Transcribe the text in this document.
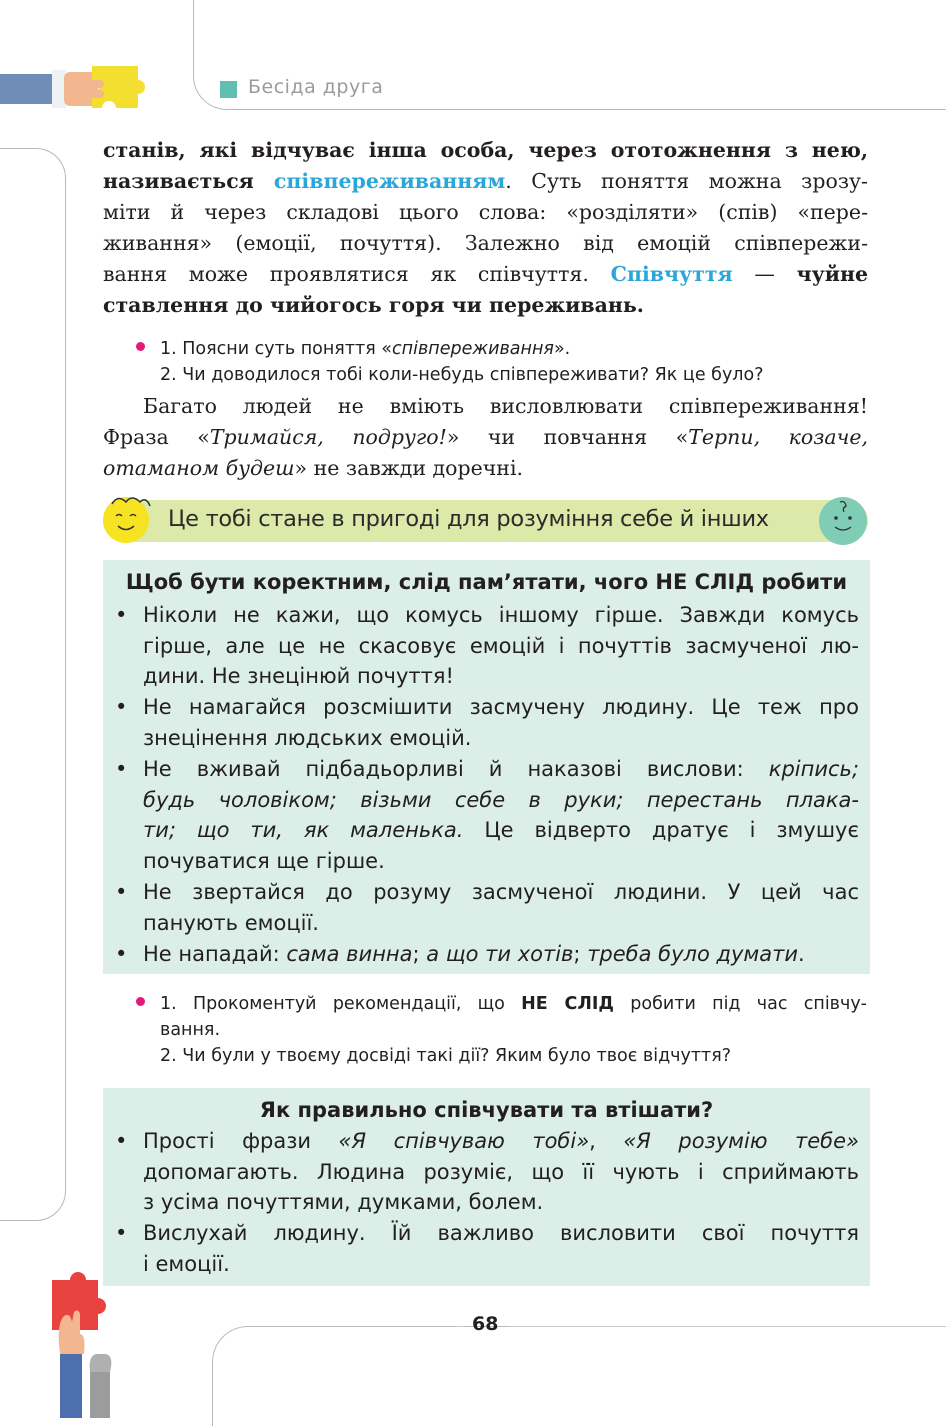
Бесіда друга
станів, які відчуває інша особа, через ототожнення з нею,
називається співпереживанням. Суть поняття можна зрозу-
міти й через складові цього слова: «розділяти» (спів) «пере-
живання» (емоції, почуття). Залежно від емоцій співпережи-
вання може проявлятися як співчуття. Співчуття — чуйне
ставлення до чийогось горя чи переживань.
1. Поясни суть поняття «співпереживання».
2. Чи доводилося тобі коли-небудь співпереживати? Як це було?
Багато людей не вміють висловлювати співпереживання!
Фраза «Тримайся, подруго!» чи повчання «Терпи, козаче,
отаманом будеш» не завжди доречні.
Це тобі стане в пригоді для розуміння себе й інших
Щоб бути коректним, слід пам’ятати, чого НЕ СЛІД робити
• Ніколи не кажи, що комусь іншому гірше. Завжди комусь
гірше, але це не скасовує емоцій і почуттів засмученої лю-
дини. Не знецінюй почуття!
• Не намагайся розсмішити засмучену людину. Це теж про
знецінення людських емоцій.
• Не вживай підбадьорливі й наказові вислови: кріпись;
будь чоловіком; візьми себе в руки; перестань плака-
ти; що ти, як маленька. Це відверто дратує і змушує
почуватися ще гірше.
• Не звертайся до розуму засмученої людини. У цей час
панують емоції.
• Не нападай: сама винна; а що ти хотів; треба було думати.
1. Прокоментуй рекомендації, що НЕ СЛІД робити під час співчу-
вання.
2. Чи були у твоєму досвіді такі дії? Яким було твоє відчуття?
Як правильно співчувати та втішати?
• Прості фрази «Я співчуваю тобі», «Я розумію тебе»
допомагають. Людина розуміє, що її чують і сприймають
з усіма почуттями, думками, болем.
• Вислухай людину. Їй важливо висловити свої почуття
і емоції.
68
